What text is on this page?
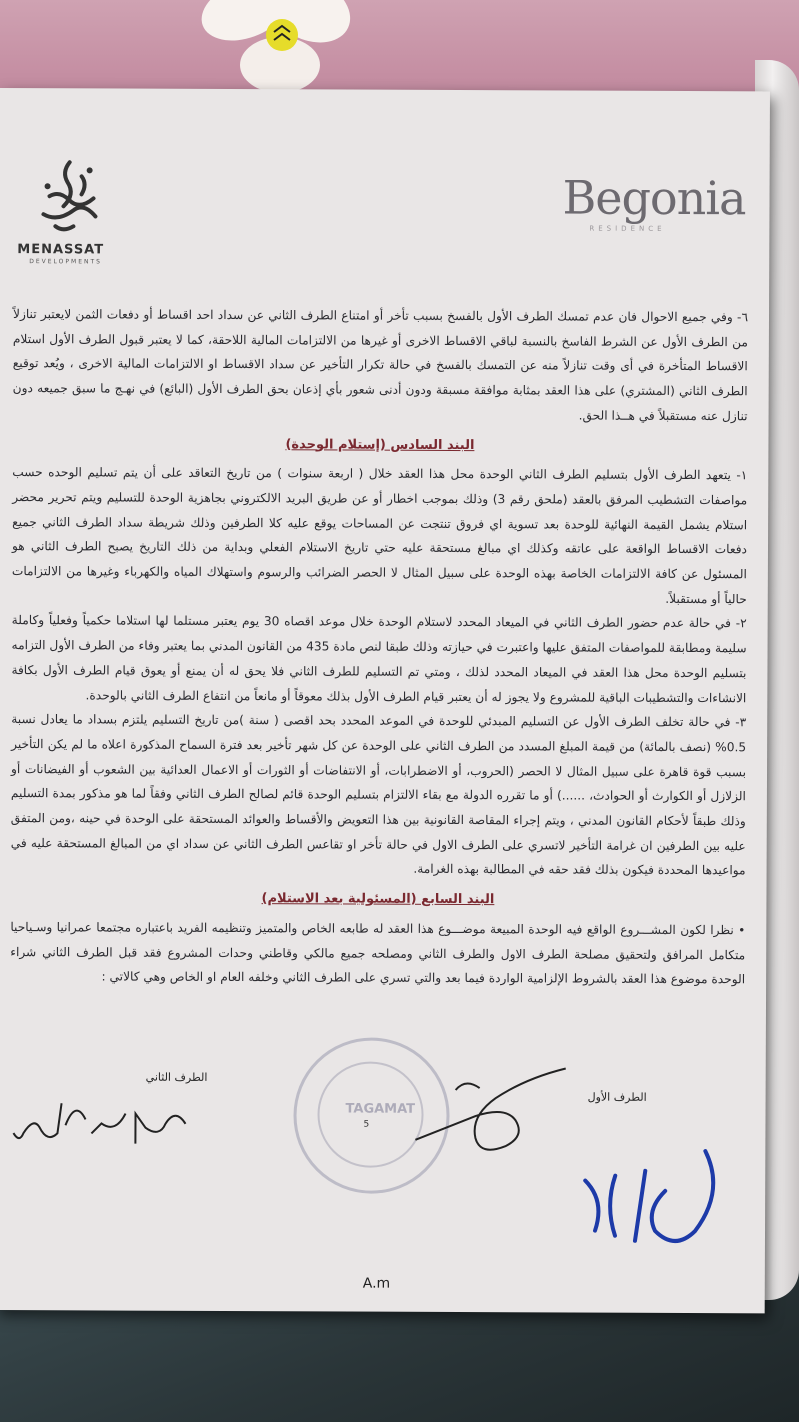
Begonia
RESIDENCE
MENASSAT
DEVELOPMENTS

٦- وفي جميع الاحوال فان عدم تمسك الطرف الأول بالفسخ بسبب تأخر أو امتناع الطرف الثاني عن سداد احد اقساط أو دفعات الثمن لايعتبر تنازلاً من الطرف الأول عن الشرط الفاسخ بالنسبة لباقي الاقساط الاخرى أو غيرها من الالتزامات المالية اللاحقة، كما لا يعتبر قبول الطرف الأول استلام الاقساط المتأخرة في أى وقت تنازلاً منه عن التمسك بالفسخ في حالة تكرار التأخير عن سداد الاقساط او الالتزامات المالية الاخرى ، ويُعد توقيع الطرف الثاني (المشتري) على هذا العقد بمثابة موافقة مسبقة ودون أدنى شعور بأي إذعان بحق الطرف الأول (البائع) في نهـج ما سبق جميعه دون تنازل عنه مستقبلاً في هــذا الحق.

البند السادس (إستلام الوحدة)

١- يتعهد الطرف الأول بتسليم الطرف الثاني الوحدة محل هذا العقد خلال ( اربعة سنوات ) من تاريخ التعاقد على أن يتم تسليم الوحده حسب مواصفات التشطيب المرفق بالعقد (ملحق رقم 3) وذلك بموجب اخطار أو عن طريق البريد الالكتروني بجاهزية الوحدة للتسليم ويتم تحرير محضر استلام يشمل القيمة النهائية للوحدة بعد تسوية اي فروق تنتجت عن المساحات يوقع عليه كلا الطرفين وذلك شريطة سداد الطرف الثاني جميع دفعات الاقساط الواقعة على عاتقه وكذلك اي مبالغ مستحقة عليه حتي تاريخ الاستلام الفعلي وبداية من ذلك التاريخ يصبح الطرف الثاني هو المسئول عن كافة الالتزامات الخاصة بهذه الوحدة على سبيل المثال لا الحصر الضرائب والرسوم واستهلاك المياه والكهرباء وغيرها من الالتزامات حالياً أو مستقبلاً.

٢- في حالة عدم حضور الطرف الثاني في الميعاد المحدد لاستلام الوحدة خلال موعد اقصاه 30 يوم يعتبر مستلما لها استلاما حكمياً وفعلياً وكاملة سليمة ومطابقة للمواصفات المتفق عليها واعتبرت في حيازته وذلك طبقا لنص مادة 435 من القانون المدني بما يعتبر وفاء من الطرف الأول التزامه بتسليم الوحدة محل هذا العقد في الميعاد المحدد لذلك ، ومتي تم التسليم للطرف الثاني فلا يحق له أن يمنع أو يعوق قيام الطرف الأول بكافة الانشاءات والتشطيبات الباقية للمشروع ولا يجوز له أن يعتبر قيام الطرف الأول بذلك معوقاً أو مانعاً من انتفاع الطرف الثاني بالوحدة.

٣- في حالة تخلف الطرف الأول عن التسليم المبدئي للوحدة في الموعد المحدد بحد اقصى ( سنة )من تاريخ التسليم يلتزم بسداد ما يعادل نسبة 0.5% (نصف بالمائة) من قيمة المبلغ المسدد من الطرف الثاني على الوحدة عن كل شهر تأخير بعد فترة السماح المذكورة اعلاه ما لم يكن التأخير بسبب قوة قاهرة على سبيل المثال لا الحصر (الحروب، أو الاضطرابات، أو الانتفاضات أو الثورات أو الاعمال العدائية بين الشعوب أو الفيضانات أو الزلازل أو الكوارث أو الحوادث، ......) أو ما تقرره الدولة مع بقاء الالتزام بتسليم الوحدة قائم لصالح الطرف الثاني وفقاً لما هو مذكور بمدة التسليم وذلك طبقاً لأحكام القانون المدني ، ويتم إجراء المقاصة القانونية بين هذا التعويض والأقساط والعوائد المستحقة على الوحدة في حينه ،ومن المتفق عليه بين الطرفين ان غرامة التأخير لاتسري على الطرف الاول في حالة تأخر او تقاعس الطرف الثاني عن سداد اي من المبالغ المستحقة عليه في مواعيدها المحددة فيكون بذلك فقد حقه في المطالبة بهذه الغرامة.

البند السابع (المسئولية بعد الاستلام)

• نظرا لكون المشـــروع الواقع فيه الوحدة المبيعة موضـــوع هذا العقد له طابعه الخاص والمتميز وتنظيمه الفريد باعتباره مجتمعا عمرانيا وسـياحيا متكامل المرافق ولتحقيق مصلحة الطرف الاول والطرف الثاني ومصلحه جميع مالكي وقاطني وحدات المشروع فقد قبل الطرف الثاني شراء الوحدة موضوع هذا العقد بالشروط الإلزامية الواردة فيما بعد والتي تسري على الطرف الثاني وخلفه العام او الخاص وهي كالاتي :

TAGAMAT
5
الطرف الأول
الطرف الثاني
A.m
